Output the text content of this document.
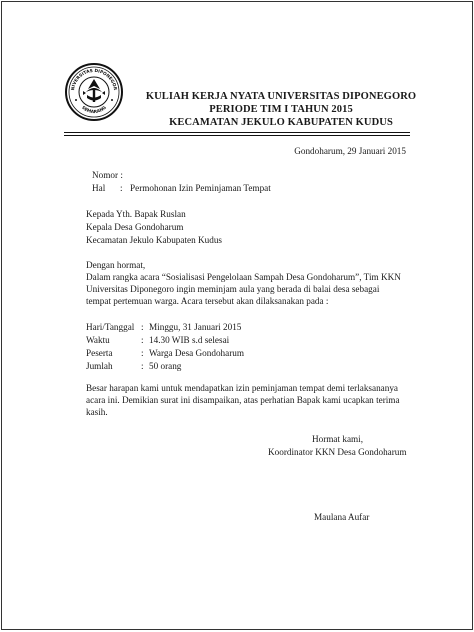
NIVERSITAS DIPONEGOR
SEMARANG
KULIAH KERJA NYATA UNIVERSITAS DIPONEGORO
PERIODE TIM I TAHUN 2015
KECAMATAN JEKULO KABUPATEN KUDUS
Gondoharum, 29 Januari 2015
Nomor :
Hal : Permohonan Izin Peminjaman Tempat
Kepada Yth. Bapak Ruslan
Kepala Desa Gondoharum
Kecamatan Jekulo Kabupaten Kudus
Dengan hormat,
Dalam rangka acara “Sosialisasi Pengelolaan Sampah Desa Gondoharum”, Tim KKN
Universitas Diponegoro ingin meminjam aula yang berada di balai desa sebagai
tempat pertemuan warga. Acara tersebut akan dilaksanakan pada :
Hari/Tanggal : Minggu, 31 Januari 2015
Waktu	: 14.30 WIB s.d selesai
Peserta	: Warga Desa Gondoharum
Jumlah	: 50 orang
Besar harapan kami untuk mendapatkan izin peminjaman tempat demi terlaksananya
acara ini. Demikian surat ini disampaikan, atas perhatian Bapak kami ucapkan terima
kasih.
Hormat kami,
Koordinator KKN Desa Gondoharum
Maulana Aufar
